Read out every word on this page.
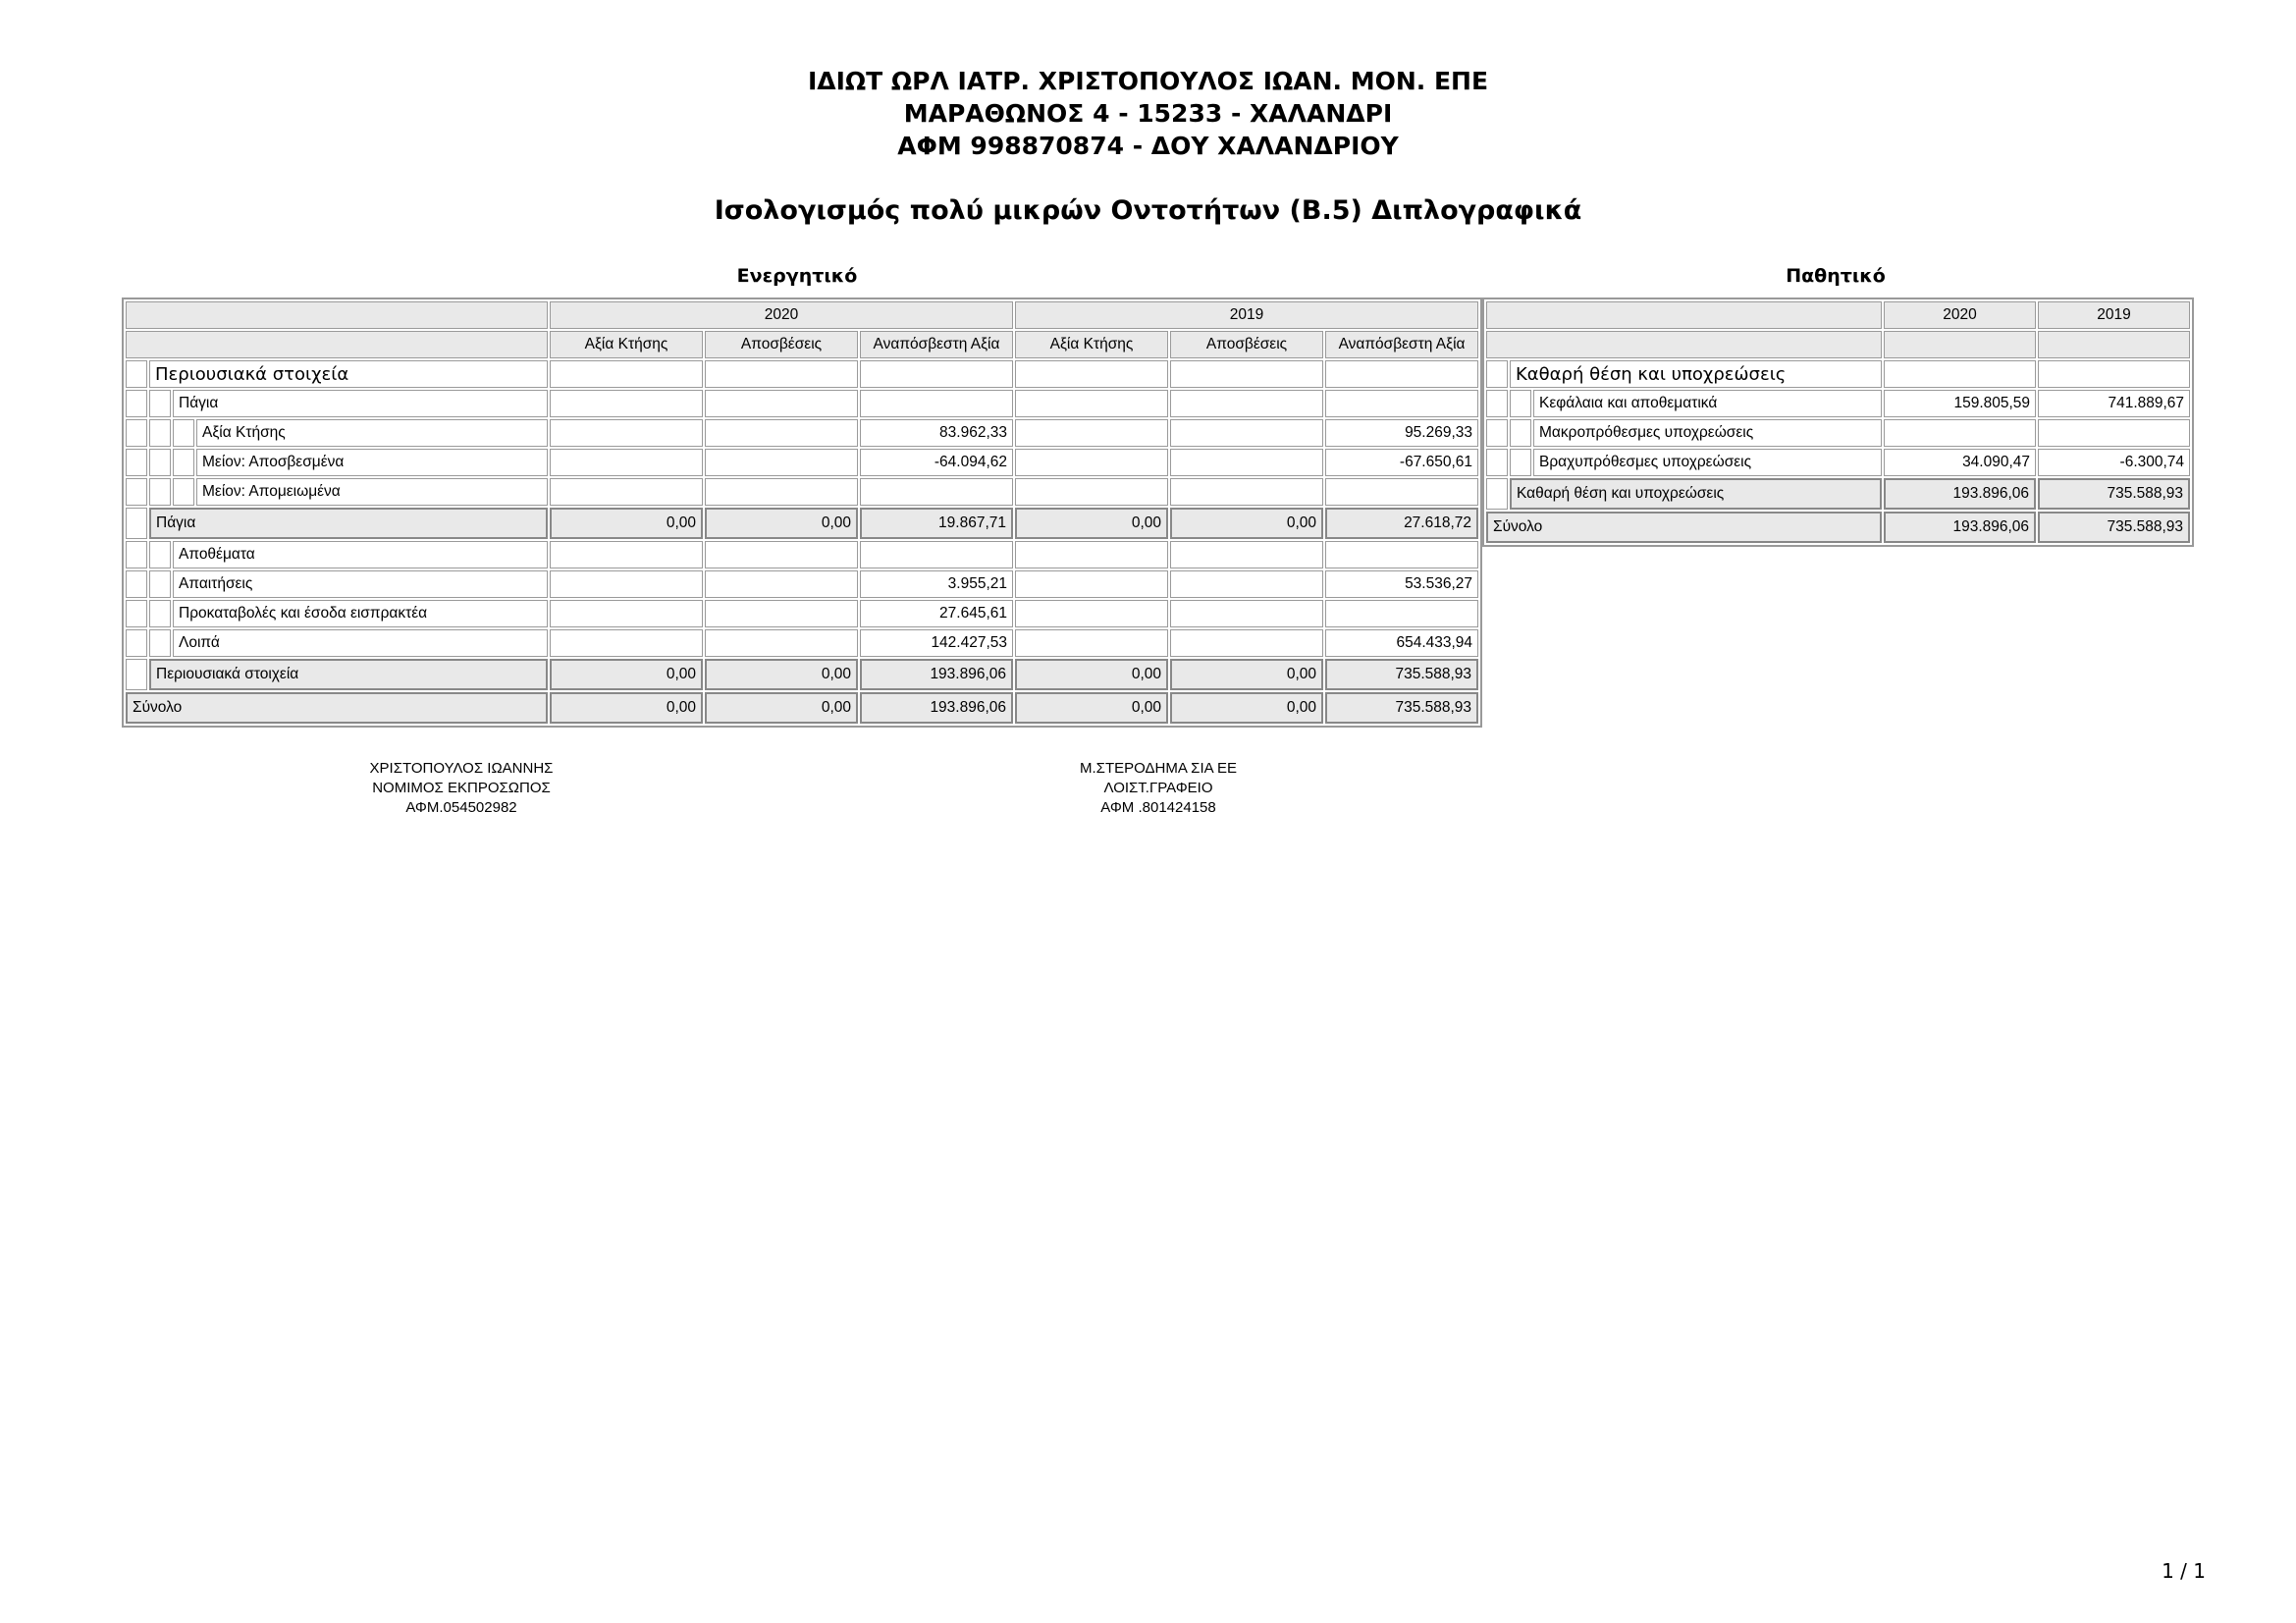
ΙΔΙΩΤ ΩΡΛ ΙΑΤΡ. ΧΡΙΣΤΟΠΟΥΛΟΣ ΙΩΑΝ. ΜΟΝ. ΕΠΕ
ΜΑΡΑΘΩΝΟΣ 4 - 15233 - ΧΑΛΑΝΔΡΙ
ΑΦΜ 998870874 - ΔΟΥ ΧΑΛΑΝΔΡΙΟΥ
Ισολογισμός πολύ μικρών Οντοτήτων (Β.5) Διπλογραφικά
Ενεργητικό	Παθητικό
				2020			2019		
				Αξία Κτήσης	Αποσβέσεις	Αναπόσβεστη Αξία	Αξία Κτήσης	Αποσβέσεις	Αναπόσβεστη Αξία
	Περιουσιακά στοιχεία								
		Πάγια							
			Αξία Κτήσης			83.962,33			95.269,33
			Μείον: Αποσβεσμένα			-64.094,62			-67.650,61
			Μείον: Απομειωμένα						
	Πάγια			0,00	0,00	19.867,71	0,00	0,00	27.618,72
		Αποθέματα							
		Απαιτήσεις				3.955,21			53.536,27
		Προκαταβολές και έσοδα εισπρακτέα				27.645,61			
		Λοιπά				142.427,53			654.433,94
	Περιουσιακά στοιχεία			0,00	0,00	193.896,06	0,00	0,00	735.588,93
Σύνολο				0,00	0,00	193.896,06	0,00	0,00	735.588,93
			2020	2019

	Καθαρή θέση και υποχρεώσεις			
		Κεφάλαια και αποθεματικά	159.805,59	741.889,67
		Μακροπρόθεσμες υποχρεώσεις		
		Βραχυπρόθεσμες υποχρεώσεις	34.090,47	-6.300,74
	Καθαρή θέση και υποχρεώσεις		193.896,06	735.588,93
Σύνολο			193.896,06	735.588,93
ΧΡΙΣΤΟΠΟΥΛΟΣ ΙΩΑΝΝΗΣ
ΝΟΜΙΜΟΣ ΕΚΠΡΟΣΩΠΟΣ
ΑΦΜ.054502982
Μ.ΣΤΕΡΟΔΗΜΑ ΣΙΑ ΕΕ
ΛΟΙΣΤ.ΓΡΑΦΕΙΟ
ΑΦΜ .801424158
1 / 1
